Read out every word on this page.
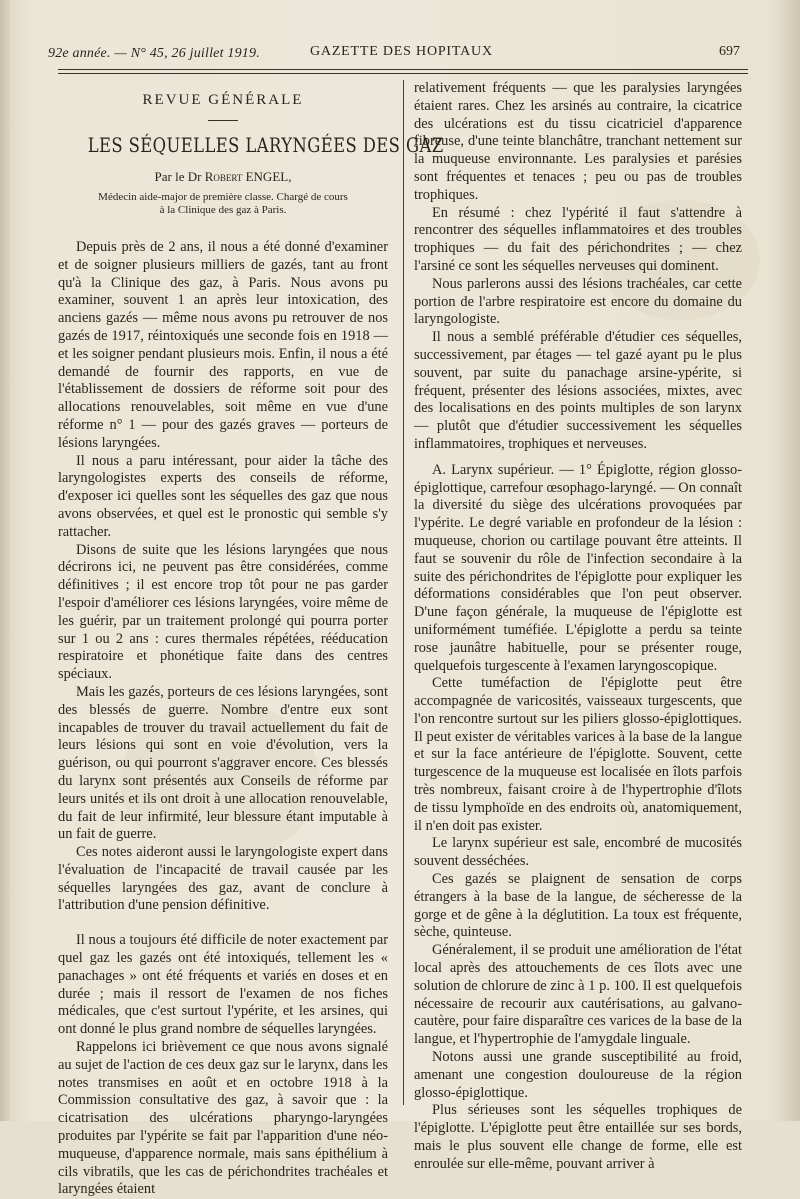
92e année. — N° 45, 26 juillet 1919.	GAZETTE DES HOPITAUX	697
REVUE GÉNÉRALE
LES SÉQUELLES LARYNGÉES DES GAZ
Par le Dr Robert ENGEL,
Médecin aide-major de première classe. Chargé de cours
à la Clinique des gaz à Paris.

Depuis près de 2 ans, il nous a été donné d'examiner et de soigner plusieurs milliers de gazés, tant au front qu'à la Clinique des gaz, à Paris. Nous avons pu examiner, souvent 1 an après leur intoxication, des anciens gazés — même nous avons pu retrouver de nos gazés de 1917, réintoxiqués une seconde fois en 1918 — et les soigner pendant plusieurs mois. Enfin, il nous a été demandé de fournir des rapports, en vue de l'établissement de dossiers de réforme soit pour des allocations renouvelables, soit même en vue d'une réforme n° 1 — pour des gazés graves — porteurs de lésions laryngées.

Il nous a paru intéressant, pour aider la tâche des laryngologistes experts des conseils de réforme, d'exposer ici quelles sont les séquelles des gaz que nous avons observées, et quel est le pronostic qui semble s'y rattacher.

Disons de suite que les lésions laryngées que nous décrirons ici, ne peuvent pas être considérées, comme définitives ; il est encore trop tôt pour ne pas garder l'espoir d'améliorer ces lésions laryngées, voire même de les guérir, par un traitement prolongé qui pourra porter sur 1 ou 2 ans : cures thermales répétées, rééducation respiratoire et phonétique faite dans des centres spéciaux.

Mais les gazés, porteurs de ces lésions laryngées, sont des blessés de guerre. Nombre d'entre eux sont incapables de trouver du travail actuellement du fait de leurs lésions qui sont en voie d'évolution, vers la guérison, ou qui pourront s'aggraver encore. Ces blessés du larynx sont présentés aux Conseils de réforme par leurs unités et ils ont droit à une allocation renouvelable, du fait de leur infirmité, leur blessure étant imputable à un fait de guerre.

Ces notes aideront aussi le laryngologiste expert dans l'évaluation de l'incapacité de travail causée par les séquelles laryngées des gaz, avant de conclure à l'attribution d'une pension définitive.

Il nous a toujours été difficile de noter exactement par quel gaz les gazés ont été intoxiqués, tellement les « panachages » ont été fréquents et variés en doses et en durée ; mais il ressort de l'examen de nos fiches médicales, que c'est surtout l'ypérite, et les arsines, qui ont donné le plus grand nombre de séquelles laryngées.

Rappelons ici brièvement ce que nous avons signalé au sujet de l'action de ces deux gaz sur le larynx, dans les notes transmises en août et en octobre 1918 à la Commission consultative des gaz, à savoir que : la cicatrisation des ulcérations pharyngo-laryngées produites par l'ypérite se fait par l'apparition d'une néo-muqueuse, d'apparence normale, mais sans épithélium à cils vibratils, que les cas de périchondrites trachéales et laryngées étaient

relativement fréquents — que les paralysies laryngées étaient rares. Chez les arsinés au contraire, la cicatrice des ulcérations est du tissu cicatriciel d'apparence fibreuse, d'une teinte blanchâtre, tranchant nettement sur la muqueuse environnante. Les paralysies et parésies sont fréquentes et tenaces ; peu ou pas de troubles trophiques.

En résumé : chez l'ypérité il faut s'attendre à rencontrer des séquelles inflammatoires et des troubles trophiques — du fait des périchondrites ; — chez l'arsiné ce sont les séquelles nerveuses qui dominent.

Nous parlerons aussi des lésions trachéales, car cette portion de l'arbre respiratoire est encore du domaine du laryngologiste.

Il nous a semblé préférable d'étudier ces séquelles, successivement, par étages — tel gazé ayant pu le plus souvent, par suite du panachage arsine-ypérite, si fréquent, présenter des lésions associées, mixtes, avec des localisations en des points multiples de son larynx — plutôt que d'étudier successivement les séquelles inflammatoires, trophiques et nerveuses.

A. Larynx supérieur. — 1° Épiglotte, région glosso-épiglottique, carrefour œsophago-laryngé. — On connaît la diversité du siège des ulcérations provoquées par l'ypérite. Le degré variable en profondeur de la lésion : muqueuse, chorion ou cartilage pouvant être atteints. Il faut se souvenir du rôle de l'infection secondaire à la suite des périchondrites de l'épiglotte pour expliquer les déformations considérables que l'on peut observer. D'une façon générale, la muqueuse de l'épiglotte est uniformément tuméfiée. L'épiglotte a perdu sa teinte rose jaunâtre habituelle, pour se présenter rouge, quelquefois turgescente à l'examen laryngoscopique.

Cette tuméfaction de l'épiglotte peut être accompagnée de varicosités, vaisseaux turgescents, que l'on rencontre surtout sur les piliers glosso-épiglottiques. Il peut exister de véritables varices à la base de la langue et sur la face antérieure de l'épiglotte. Souvent, cette turgescence de la muqueuse est localisée en îlots parfois très nombreux, faisant croire à de l'hypertrophie d'îlots de tissu lymphoïde en des endroits où, anatomiquement, il n'en doit pas exister.

Le larynx supérieur est sale, encombré de mucosités souvent desséchées.

Ces gazés se plaignent de sensation de corps étrangers à la base de la langue, de sécheresse de la gorge et de gêne à la déglutition. La toux est fréquente, sèche, quinteuse.

Généralement, il se produit une amélioration de l'état local après des attouchements de ces îlots avec une solution de chlorure de zinc à 1 p. 100. Il est quelquefois nécessaire de recourir aux cautérisations, au galvano-cautère, pour faire disparaître ces varices de la base de la langue, et l'hypertrophie de l'amygdale linguale.

Notons aussi une grande susceptibilité au froid, amenant une congestion douloureuse de la région glosso-épiglottique.

Plus sérieuses sont les séquelles trophiques de l'épiglotte. L'épiglotte peut être entaillée sur ses bords, mais le plus souvent elle change de forme, elle est enroulée sur elle-même, pouvant arriver à
